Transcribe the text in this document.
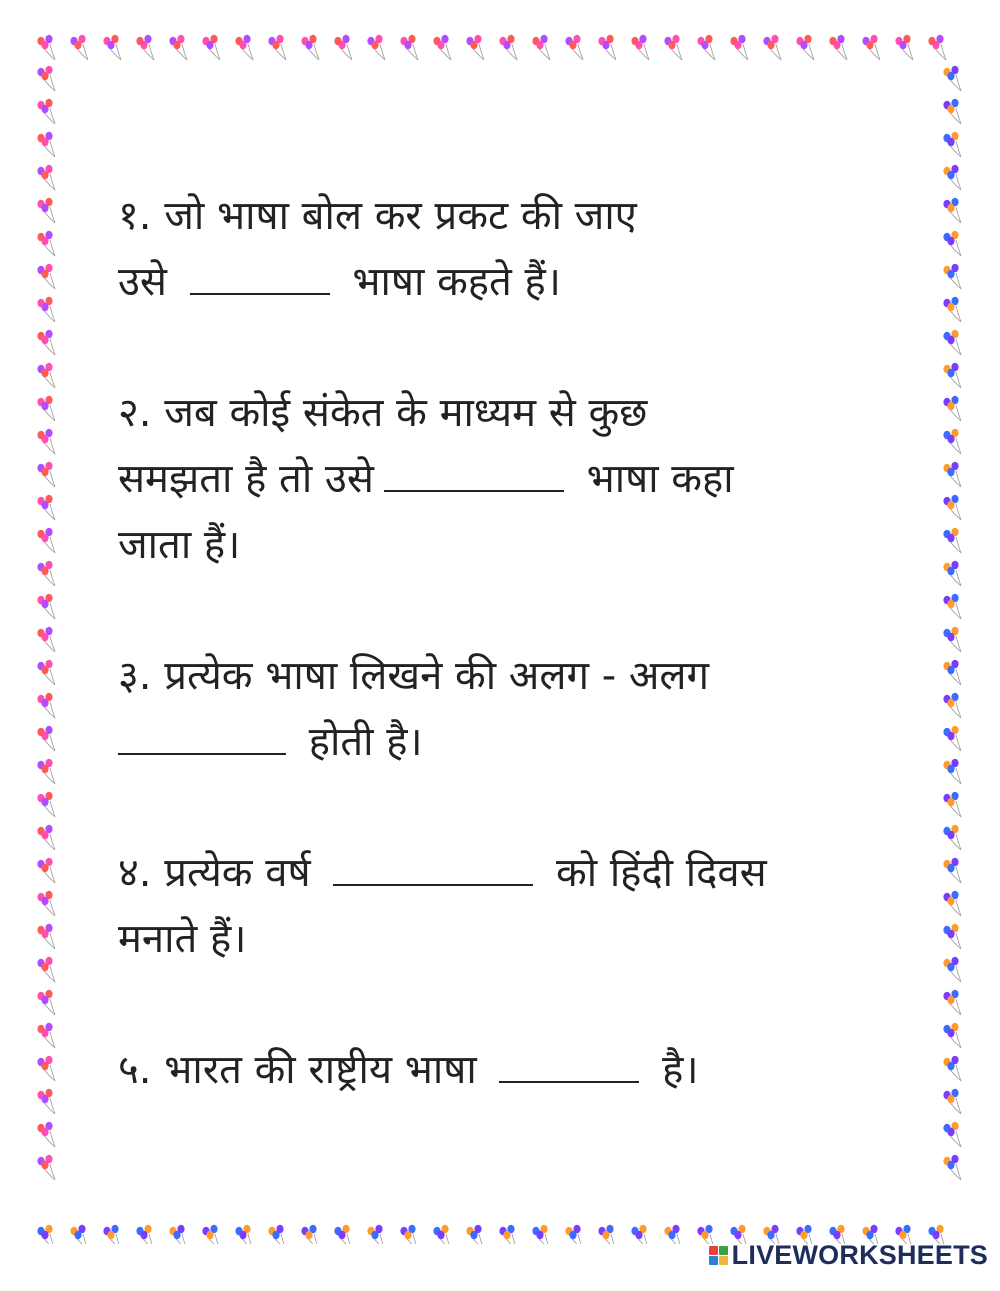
१. जो भाषा बोल कर प्रकट की जाए
उसे	भाषा कहते हैं।
२. जब कोई संकेत के माध्यम से कुछ
समझता है तो उसे	भाषा कहा
जाता हैं।
३. प्रत्येक भाषा लिखने की अलग - अलग
होती है।
४. प्रत्येक वर्ष	को हिंदी दिवस
मनाते हैं।
५. भारत की राष्ट्रीय भाषा	है।
LIVEWORKSHEETS
